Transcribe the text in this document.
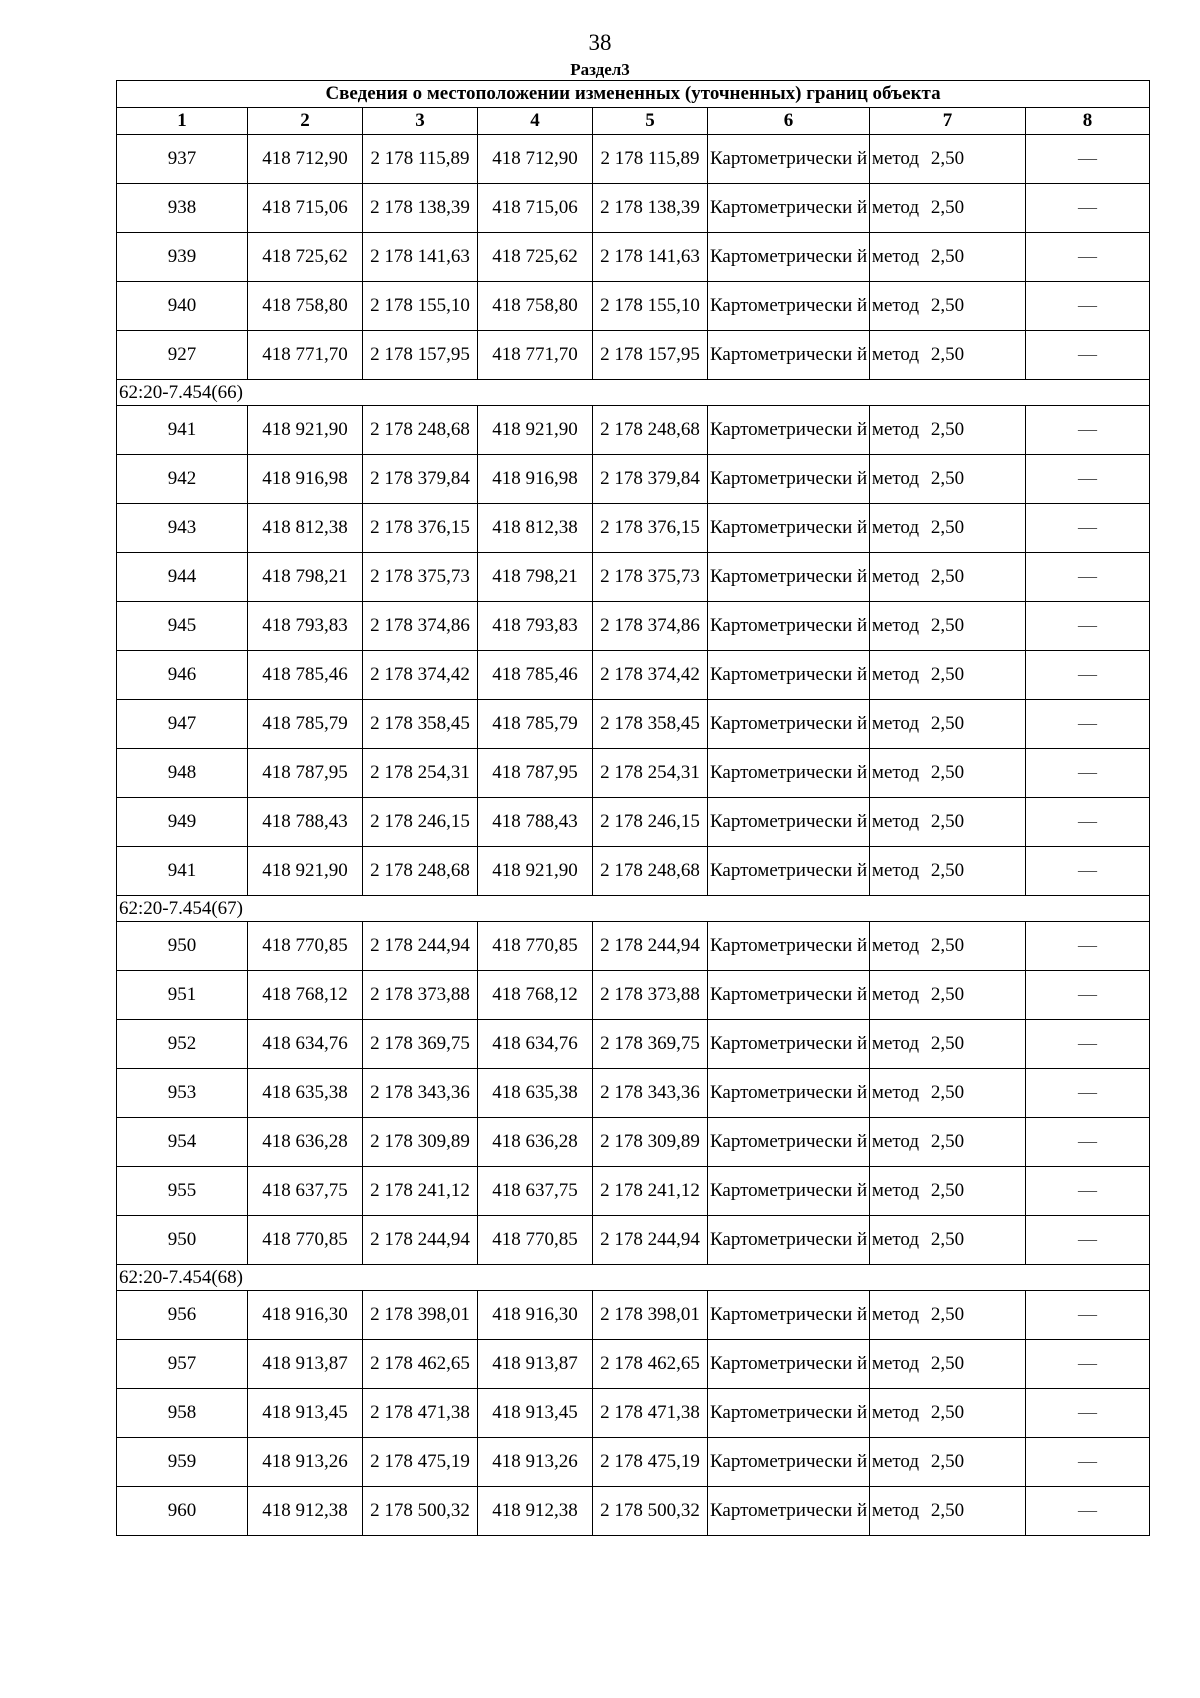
38
Раздел3
Сведения о местоположении измененных (уточненных) границ объекта							
1	2	3	4	5	6	7	8
937	418 712,90	2 178 115,89	418 712,90	2 178 115,89	Картометрически й метод	2,50	—
938	418 715,06	2 178 138,39	418 715,06	2 178 138,39	Картометрически й метод	2,50	—
939	418 725,62	2 178 141,63	418 725,62	2 178 141,63	Картометрически й метод	2,50	—
940	418 758,80	2 178 155,10	418 758,80	2 178 155,10	Картометрически й метод	2,50	—
927	418 771,70	2 178 157,95	418 771,70	2 178 157,95	Картометрически й метод	2,50	—
62:20-7.454(66)							
941	418 921,90	2 178 248,68	418 921,90	2 178 248,68	Картометрически й метод	2,50	—
942	418 916,98	2 178 379,84	418 916,98	2 178 379,84	Картометрически й метод	2,50	—
943	418 812,38	2 178 376,15	418 812,38	2 178 376,15	Картометрически й метод	2,50	—
944	418 798,21	2 178 375,73	418 798,21	2 178 375,73	Картометрически й метод	2,50	—
945	418 793,83	2 178 374,86	418 793,83	2 178 374,86	Картометрически й метод	2,50	—
946	418 785,46	2 178 374,42	418 785,46	2 178 374,42	Картометрически й метод	2,50	—
947	418 785,79	2 178 358,45	418 785,79	2 178 358,45	Картометрически й метод	2,50	—
948	418 787,95	2 178 254,31	418 787,95	2 178 254,31	Картометрически й метод	2,50	—
949	418 788,43	2 178 246,15	418 788,43	2 178 246,15	Картометрически й метод	2,50	—
941	418 921,90	2 178 248,68	418 921,90	2 178 248,68	Картометрически й метод	2,50	—
62:20-7.454(67)							
950	418 770,85	2 178 244,94	418 770,85	2 178 244,94	Картометрически й метод	2,50	—
951	418 768,12	2 178 373,88	418 768,12	2 178 373,88	Картометрически й метод	2,50	—
952	418 634,76	2 178 369,75	418 634,76	2 178 369,75	Картометрически й метод	2,50	—
953	418 635,38	2 178 343,36	418 635,38	2 178 343,36	Картометрически й метод	2,50	—
954	418 636,28	2 178 309,89	418 636,28	2 178 309,89	Картометрически й метод	2,50	—
955	418 637,75	2 178 241,12	418 637,75	2 178 241,12	Картометрически й метод	2,50	—
950	418 770,85	2 178 244,94	418 770,85	2 178 244,94	Картометрически й метод	2,50	—
62:20-7.454(68)							
956	418 916,30	2 178 398,01	418 916,30	2 178 398,01	Картометрически й метод	2,50	—
957	418 913,87	2 178 462,65	418 913,87	2 178 462,65	Картометрически й метод	2,50	—
958	418 913,45	2 178 471,38	418 913,45	2 178 471,38	Картометрически й метод	2,50	—
959	418 913,26	2 178 475,19	418 913,26	2 178 475,19	Картометрически й метод	2,50	—
960	418 912,38	2 178 500,32	418 912,38	2 178 500,32	Картометрически й метод	2,50	—
